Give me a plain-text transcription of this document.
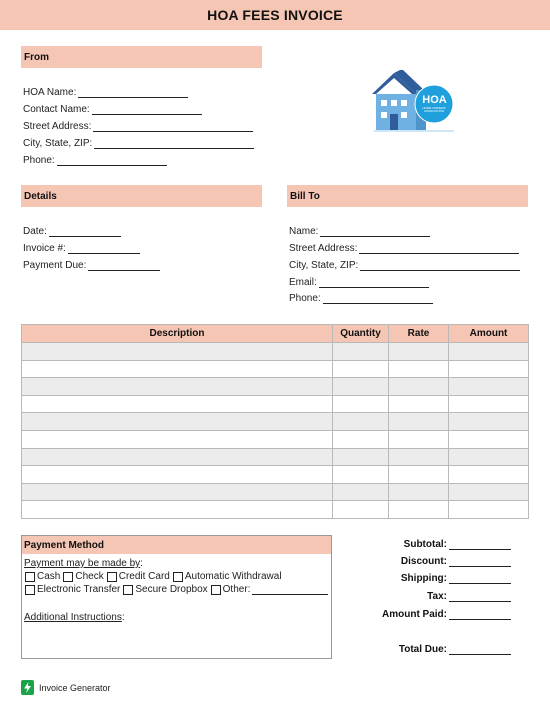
HOA FEES INVOICE
From
HOA Name:
Contact Name:
Street Address:
City, State, ZIP:
Phone:
HOA
HOME OWNERS ASSOCIATION
Details
Date:
Invoice #:
Payment Due:
Bill To
Name:
Street Address:
City, State, ZIP:
Email:
Phone:
Description	Quantity	Rate	Amount

Payment Method
Payment may be made by :
Cash Check Credit Card Automatic Withdrawal
Electronic Transfer Secure Dropbox Other:
Additional Instructions :
Subtotal:
Discount:
Shipping:
Tax:
Amount Paid:
Total Due:
Invoice Generator
